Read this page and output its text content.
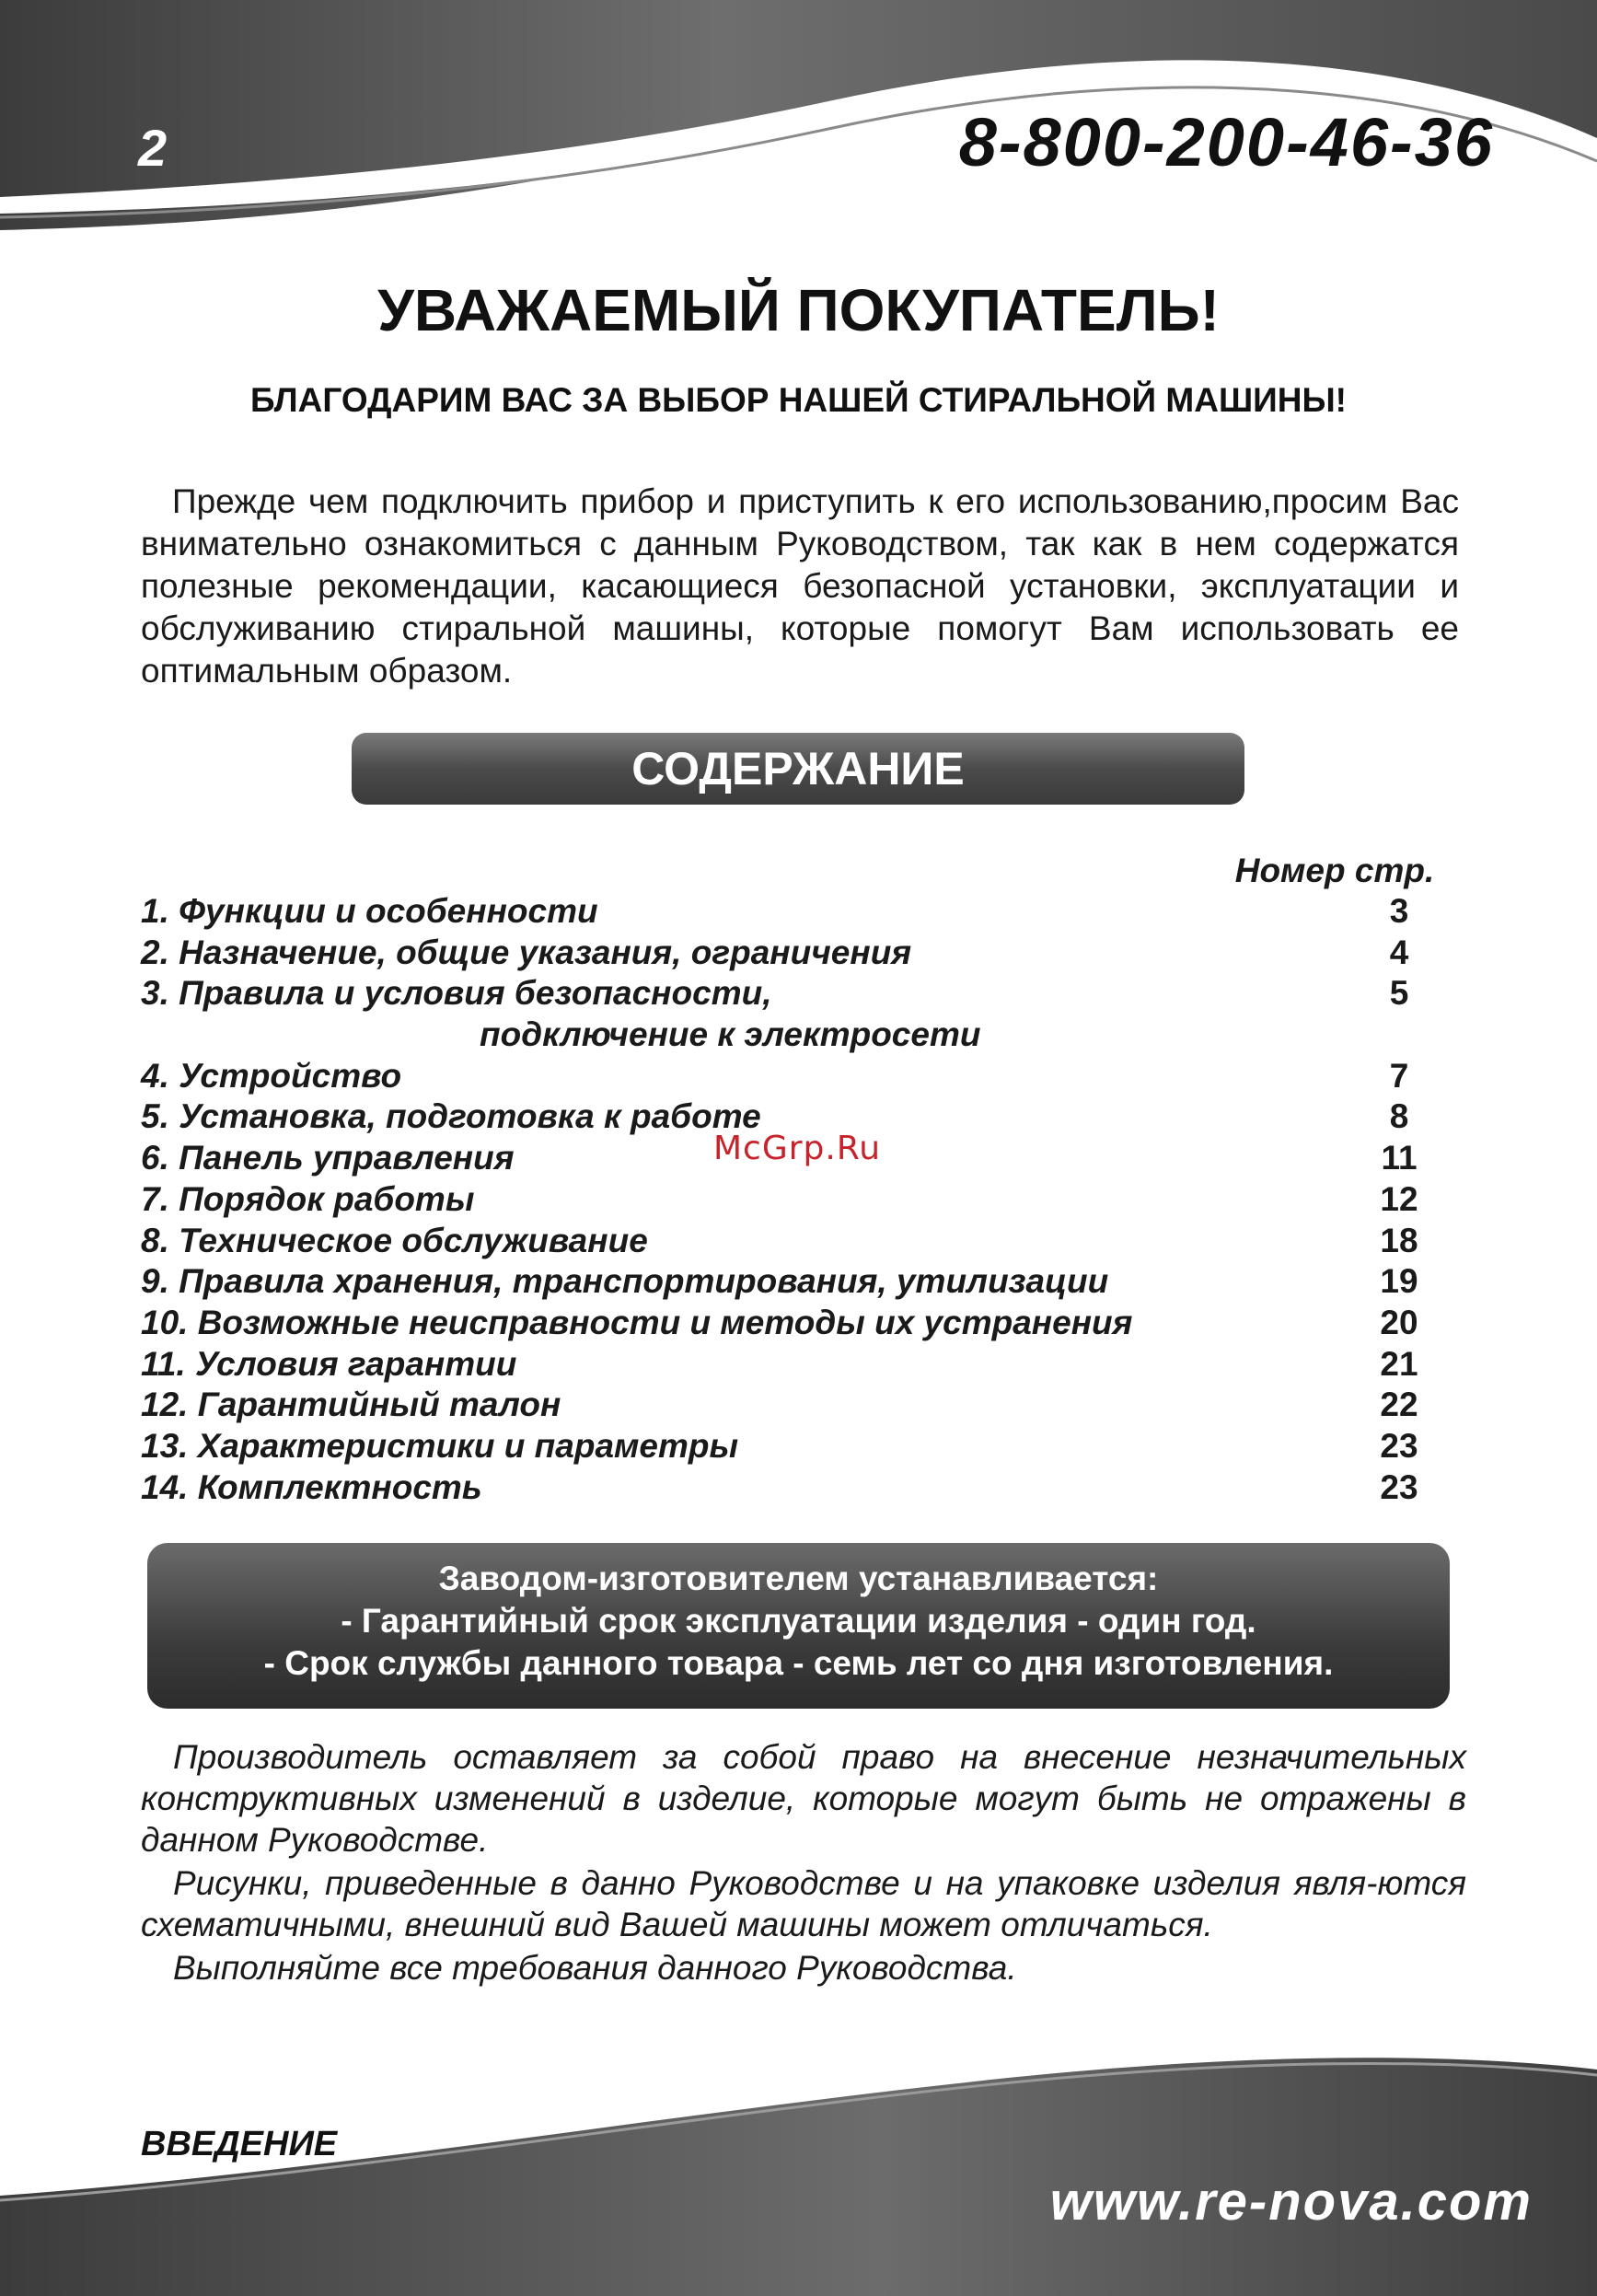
2	8-800-200-46-36
УВАЖАЕМЫЙ ПОКУПАТЕЛЬ!
БЛАГОДАРИМ ВАС ЗА ВЫБОР НАШЕЙ СТИРАЛЬНОЙ МАШИНЫ!

Прежде чем подключить прибор и приступить к его использованию,просим Вас внимательно ознакомиться с данным Руководством, так как в нем содержатся полезные рекомендации, касающиеся безопасной установки, эксплуатации и обслуживанию стиральной машины, которые помогут Вам использовать ее оптимальным образом.

СОДЕРЖАНИЕ
Номер стр.
1. Функции и особенности	3
2. Назначение, общие указания, ограничения	4
3. Правила и условия безопасности,	5
подключение к электросети
4. Устройство	7
5. Установка, подготовка к работе	8
6. Панель управления	11
7. Порядок работы	12
8. Техническое обслуживание	18
9. Правила хранения, транспортирования, утилизации	19
10. Возможные неисправности и методы их устранения	20
11. Условия гарантии	21
12. Гарантийный талон	22
13. Характеристики и параметры	23
14. Комплектность	23
McGrp.Ru
Заводом-изготовителем устанавливается:
- Гарантийный срок эксплуатации изделия - один год.
- Срок службы данного товара - семь лет со дня изготовления.

Производитель оставляет за собой право на внесение незначительных конструктивных изменений в изделие, которые могут быть не отражены в данном Руководстве.

Рисунки, приведенные в данно Руководстве и на упаковке изделия явля-ются схематичными, внешний вид Вашей машины может отличаться.

Выполняйте все требования данного Руководства.

ВВЕДЕНИЕ
www.re-nova.com
